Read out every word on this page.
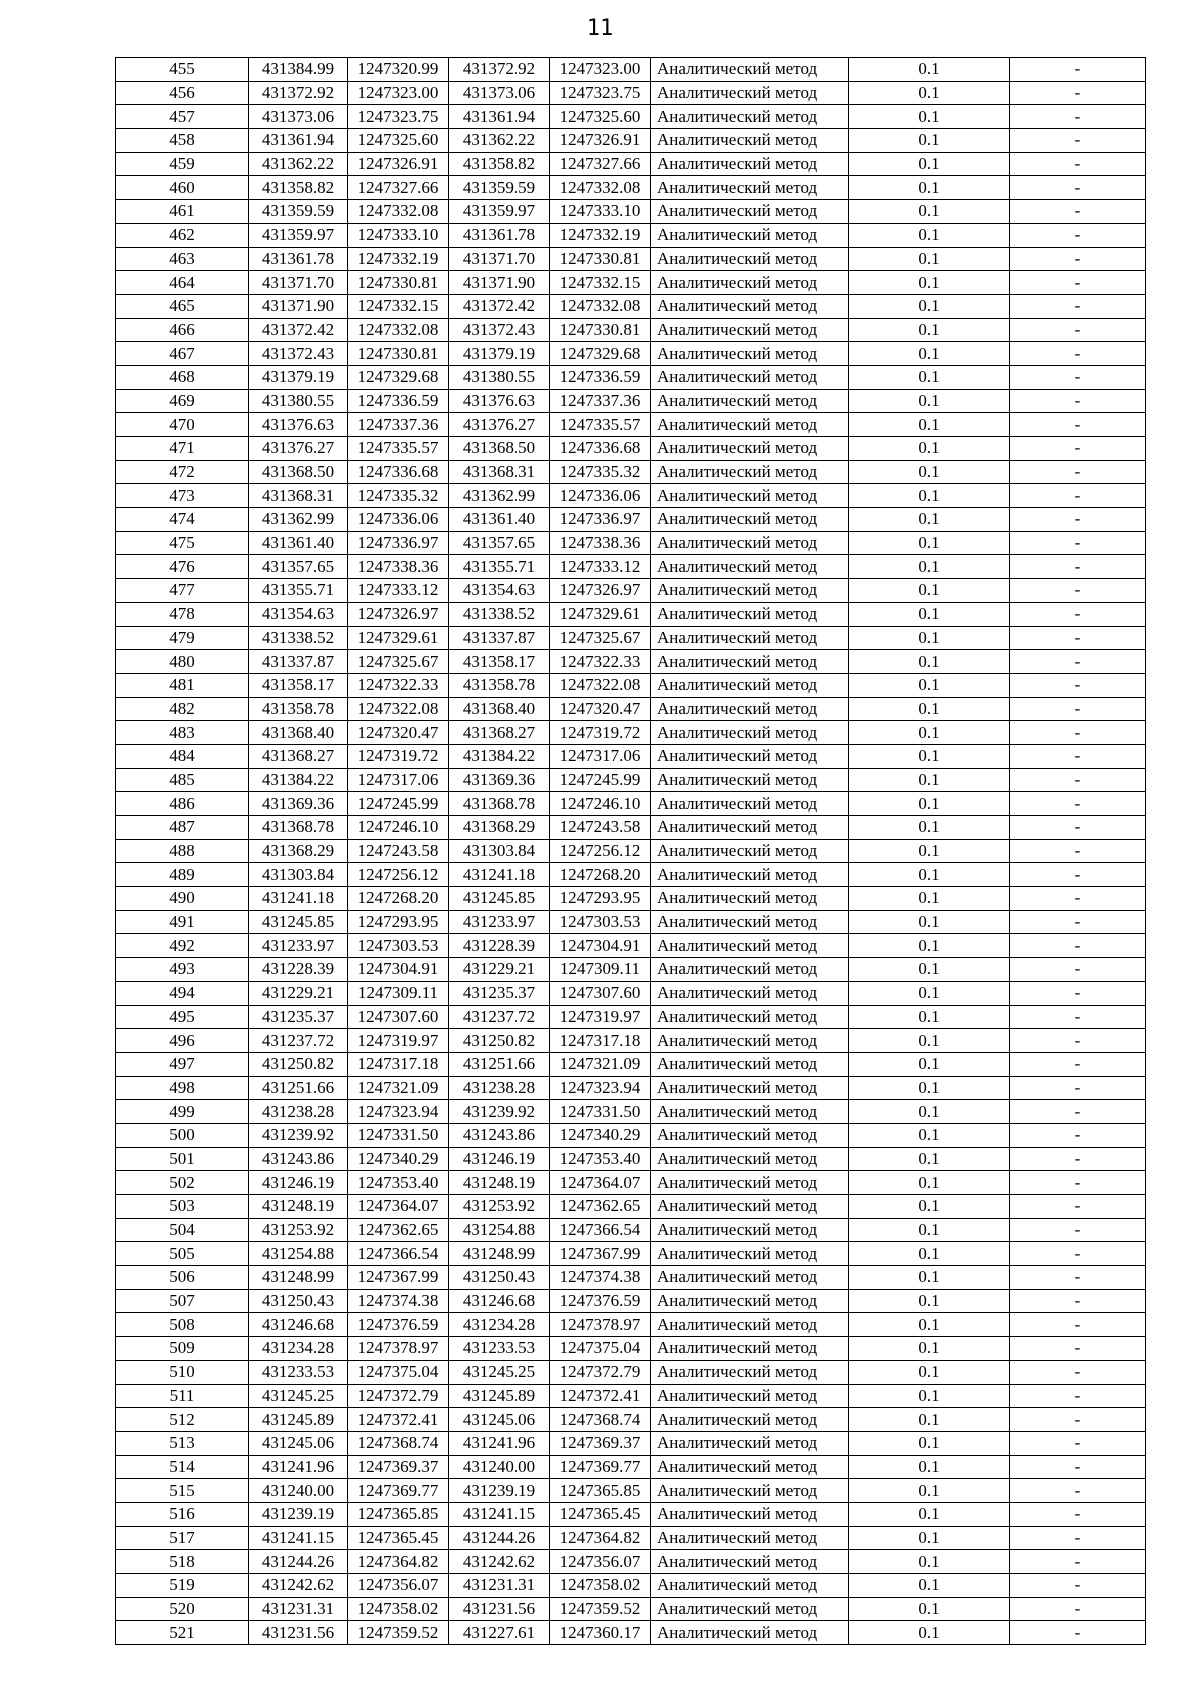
11
455	431384.99	1247320.99	431372.92	1247323.00	Аналитический метод	0.1	-
456	431372.92	1247323.00	431373.06	1247323.75	Аналитический метод	0.1	-
457	431373.06	1247323.75	431361.94	1247325.60	Аналитический метод	0.1	-
458	431361.94	1247325.60	431362.22	1247326.91	Аналитический метод	0.1	-
459	431362.22	1247326.91	431358.82	1247327.66	Аналитический метод	0.1	-
460	431358.82	1247327.66	431359.59	1247332.08	Аналитический метод	0.1	-
461	431359.59	1247332.08	431359.97	1247333.10	Аналитический метод	0.1	-
462	431359.97	1247333.10	431361.78	1247332.19	Аналитический метод	0.1	-
463	431361.78	1247332.19	431371.70	1247330.81	Аналитический метод	0.1	-
464	431371.70	1247330.81	431371.90	1247332.15	Аналитический метод	0.1	-
465	431371.90	1247332.15	431372.42	1247332.08	Аналитический метод	0.1	-
466	431372.42	1247332.08	431372.43	1247330.81	Аналитический метод	0.1	-
467	431372.43	1247330.81	431379.19	1247329.68	Аналитический метод	0.1	-
468	431379.19	1247329.68	431380.55	1247336.59	Аналитический метод	0.1	-
469	431380.55	1247336.59	431376.63	1247337.36	Аналитический метод	0.1	-
470	431376.63	1247337.36	431376.27	1247335.57	Аналитический метод	0.1	-
471	431376.27	1247335.57	431368.50	1247336.68	Аналитический метод	0.1	-
472	431368.50	1247336.68	431368.31	1247335.32	Аналитический метод	0.1	-
473	431368.31	1247335.32	431362.99	1247336.06	Аналитический метод	0.1	-
474	431362.99	1247336.06	431361.40	1247336.97	Аналитический метод	0.1	-
475	431361.40	1247336.97	431357.65	1247338.36	Аналитический метод	0.1	-
476	431357.65	1247338.36	431355.71	1247333.12	Аналитический метод	0.1	-
477	431355.71	1247333.12	431354.63	1247326.97	Аналитический метод	0.1	-
478	431354.63	1247326.97	431338.52	1247329.61	Аналитический метод	0.1	-
479	431338.52	1247329.61	431337.87	1247325.67	Аналитический метод	0.1	-
480	431337.87	1247325.67	431358.17	1247322.33	Аналитический метод	0.1	-
481	431358.17	1247322.33	431358.78	1247322.08	Аналитический метод	0.1	-
482	431358.78	1247322.08	431368.40	1247320.47	Аналитический метод	0.1	-
483	431368.40	1247320.47	431368.27	1247319.72	Аналитический метод	0.1	-
484	431368.27	1247319.72	431384.22	1247317.06	Аналитический метод	0.1	-
485	431384.22	1247317.06	431369.36	1247245.99	Аналитический метод	0.1	-
486	431369.36	1247245.99	431368.78	1247246.10	Аналитический метод	0.1	-
487	431368.78	1247246.10	431368.29	1247243.58	Аналитический метод	0.1	-
488	431368.29	1247243.58	431303.84	1247256.12	Аналитический метод	0.1	-
489	431303.84	1247256.12	431241.18	1247268.20	Аналитический метод	0.1	-
490	431241.18	1247268.20	431245.85	1247293.95	Аналитический метод	0.1	-
491	431245.85	1247293.95	431233.97	1247303.53	Аналитический метод	0.1	-
492	431233.97	1247303.53	431228.39	1247304.91	Аналитический метод	0.1	-
493	431228.39	1247304.91	431229.21	1247309.11	Аналитический метод	0.1	-
494	431229.21	1247309.11	431235.37	1247307.60	Аналитический метод	0.1	-
495	431235.37	1247307.60	431237.72	1247319.97	Аналитический метод	0.1	-
496	431237.72	1247319.97	431250.82	1247317.18	Аналитический метод	0.1	-
497	431250.82	1247317.18	431251.66	1247321.09	Аналитический метод	0.1	-
498	431251.66	1247321.09	431238.28	1247323.94	Аналитический метод	0.1	-
499	431238.28	1247323.94	431239.92	1247331.50	Аналитический метод	0.1	-
500	431239.92	1247331.50	431243.86	1247340.29	Аналитический метод	0.1	-
501	431243.86	1247340.29	431246.19	1247353.40	Аналитический метод	0.1	-
502	431246.19	1247353.40	431248.19	1247364.07	Аналитический метод	0.1	-
503	431248.19	1247364.07	431253.92	1247362.65	Аналитический метод	0.1	-
504	431253.92	1247362.65	431254.88	1247366.54	Аналитический метод	0.1	-
505	431254.88	1247366.54	431248.99	1247367.99	Аналитический метод	0.1	-
506	431248.99	1247367.99	431250.43	1247374.38	Аналитический метод	0.1	-
507	431250.43	1247374.38	431246.68	1247376.59	Аналитический метод	0.1	-
508	431246.68	1247376.59	431234.28	1247378.97	Аналитический метод	0.1	-
509	431234.28	1247378.97	431233.53	1247375.04	Аналитический метод	0.1	-
510	431233.53	1247375.04	431245.25	1247372.79	Аналитический метод	0.1	-
511	431245.25	1247372.79	431245.89	1247372.41	Аналитический метод	0.1	-
512	431245.89	1247372.41	431245.06	1247368.74	Аналитический метод	0.1	-
513	431245.06	1247368.74	431241.96	1247369.37	Аналитический метод	0.1	-
514	431241.96	1247369.37	431240.00	1247369.77	Аналитический метод	0.1	-
515	431240.00	1247369.77	431239.19	1247365.85	Аналитический метод	0.1	-
516	431239.19	1247365.85	431241.15	1247365.45	Аналитический метод	0.1	-
517	431241.15	1247365.45	431244.26	1247364.82	Аналитический метод	0.1	-
518	431244.26	1247364.82	431242.62	1247356.07	Аналитический метод	0.1	-
519	431242.62	1247356.07	431231.31	1247358.02	Аналитический метод	0.1	-
520	431231.31	1247358.02	431231.56	1247359.52	Аналитический метод	0.1	-
521	431231.56	1247359.52	431227.61	1247360.17	Аналитический метод	0.1	-
